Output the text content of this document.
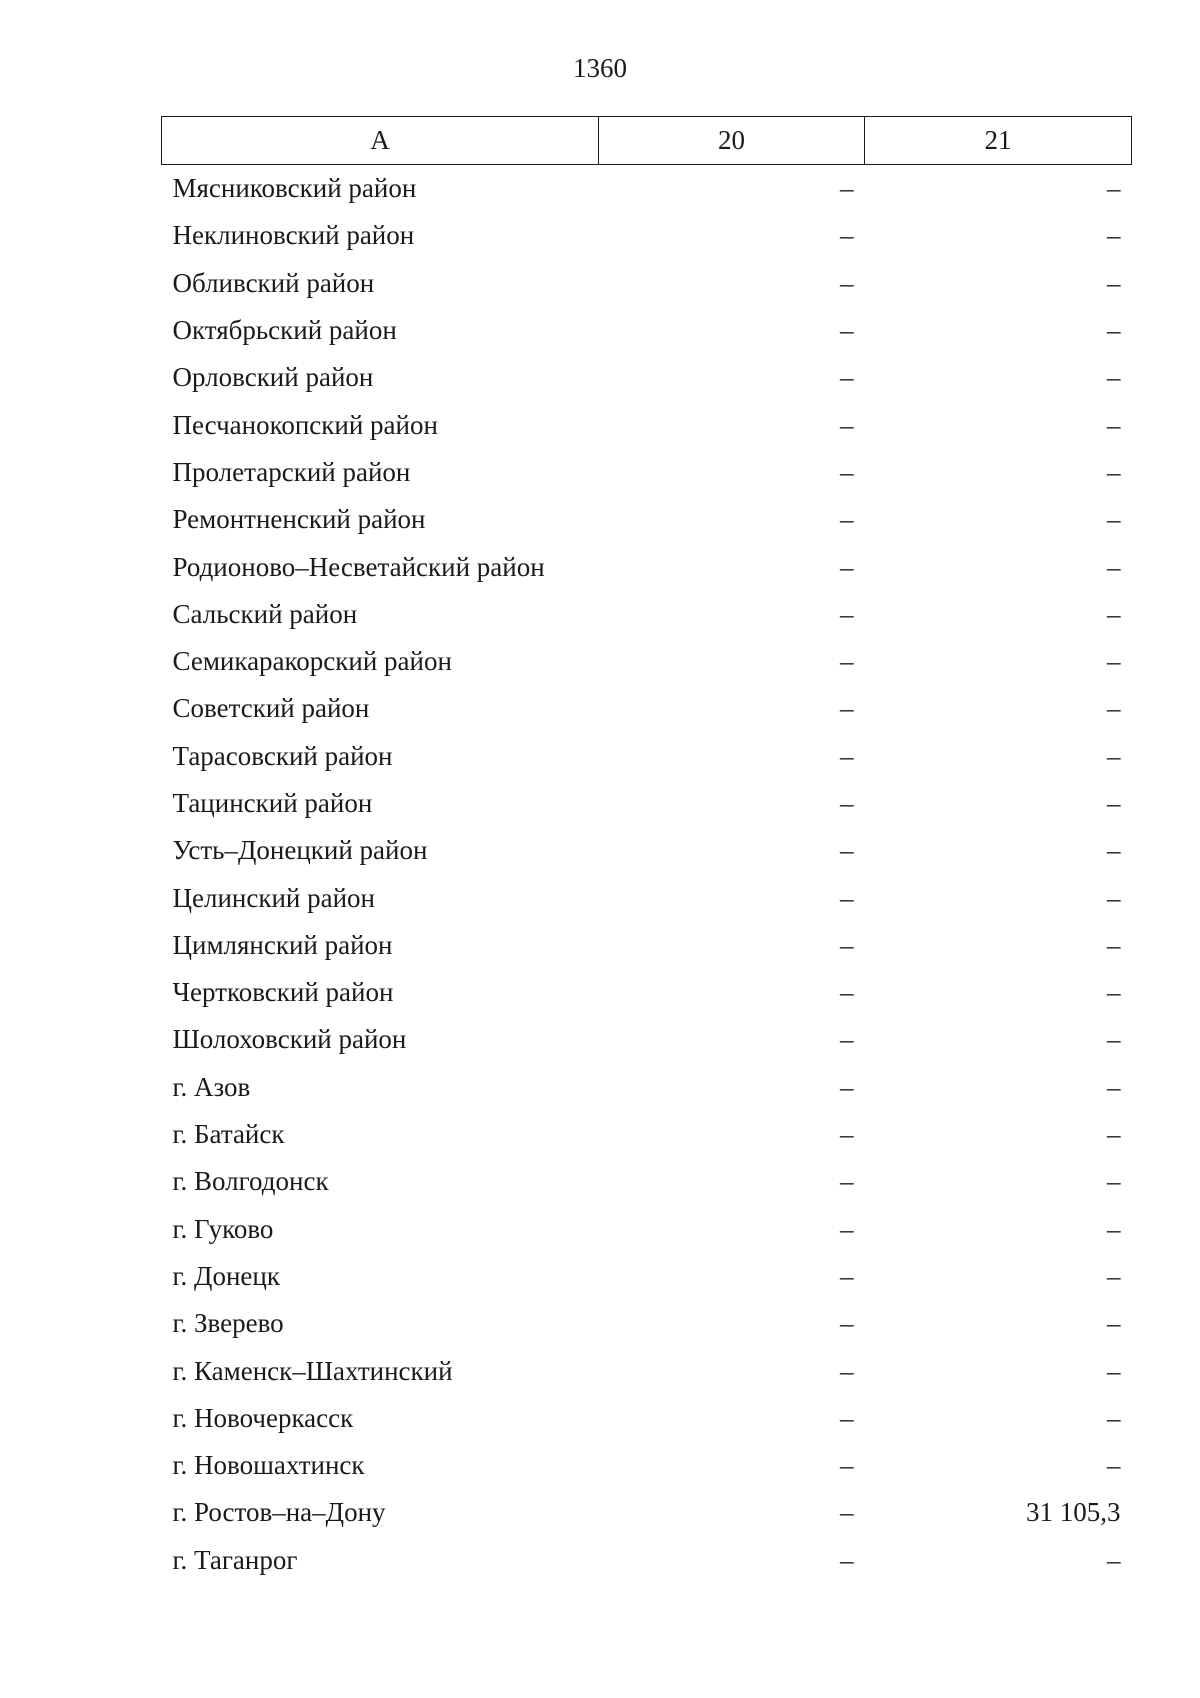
1360
А	20	21
Мясниковский район	–	–
Неклиновский район	–	–
Обливский район	–	–
Октябрьский район	–	–
Орловский район	–	–
Песчанокопский район	–	–
Пролетарский район	–	–
Ремонтненский район	–	–
Родионово–Несветайский район	–	–
Сальский район	–	–
Семикаракорский район	–	–
Советский район	–	–
Тарасовский район	–	–
Тацинский район	–	–
Усть–Донецкий район	–	–
Целинский район	–	–
Цимлянский район	–	–
Чертковский район	–	–
Шолоховский район	–	–
г. Азов	–	–
г. Батайск	–	–
г. Волгодонск	–	–
г. Гуково	–	–
г. Донецк	–	–
г. Зверево	–	–
г. Каменск–Шахтинский	–	–
г. Новочеркасск	–	–
г. Новошахтинск	–	–
г. Ростов–на–Дону	–	31 105,3
г. Таганрог	–	–
